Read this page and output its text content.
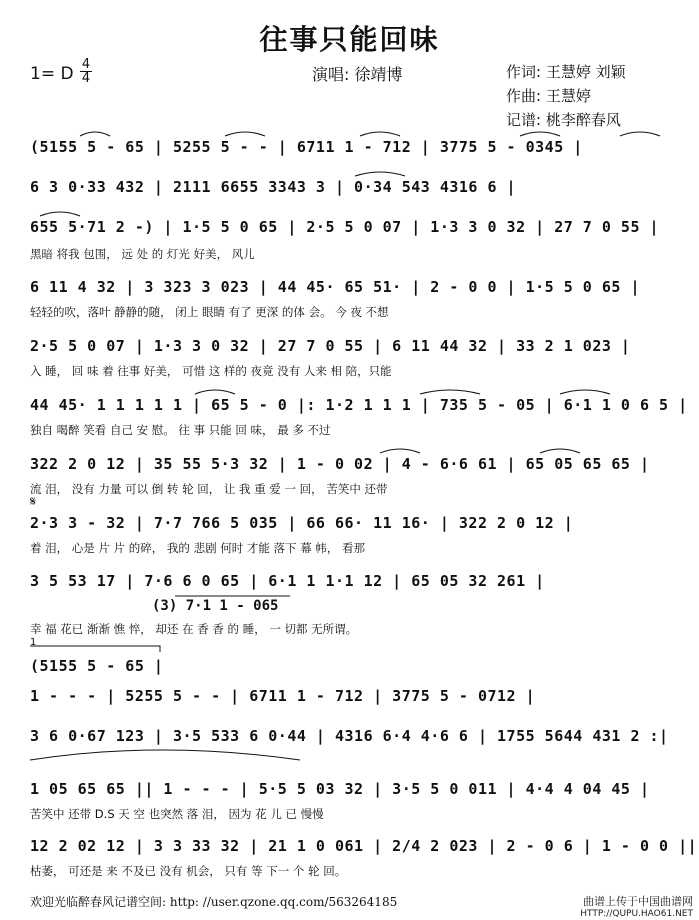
往事只能回味
1= D 4
4	演唱: 徐靖博	作词: 王慧婷 刘颖
作曲: 王慧婷
记谱: 桃李醉春风
(5155 5 - 65 | 5255 5 - - | 6711 1 - 712 | 3775 5 - 0345 |
6 3 0·33 432 | 2111 6655 3343 3 | 0·34 543 4316 6 |
655 5·71 2 -) | 1·5 5 0 65 | 2·5 5 0 07 | 1·3 3 0 32 | 27 7 0 55 |
黑暗 将我 包围， 远 处 的 灯光 好美， 风儿
6 11 4 32 | 3 323 3 023 | 44 45· 65 51· | 2 - 0 0 | 1·5 5 0 65 |
轻轻的吹，落叶 静静的随， 闭上 眼睛 有了 更深 的体 会。 今 夜 不想
2·5 5 0 07 | 1·3 3 0 32 | 27 7 0 55 | 6 11 44 32 | 33 2 1 023 |
入 睡， 回 味 着 往事 好美， 可惜 这 样的 夜竟 没有 人来 相 陪，只能
44 45· 1 1 1 1 1 | 65 5 - 0 |: 1·2 1 1 1 | 735 5 - 05 | 6·1 1 0 6 5 |
独自 喝醉 笑看 自己 安 慰。 往 事 只能 回 味， 最 多 不过
322 2 0 12 | 35 55 5·3 32 | 1 - 0 02 | 4 - 6·6 61 | 65 05 65 65 |
流 泪， 没有 力量 可以 倒 转 轮 回， 让 我 重 爱 一 回， 苦笑中 还带
𝄋
2·3 3 - 32 | 7·7 766 5 035 | 66 66· 11 16· | 322 2 0 12 |
着 泪， 心是 片 片 的碎， 我的 悲剧 何时 才能 落下 幕 帏， 看那
3 5 53 17 | 7·6 6 0 65 | 6·1 1 1·1 12 | 65 05 32 261 |
(3) 7·1 1 - 065
幸 福 花已 渐渐 憔 悴， 却还 在 香 香 的 睡， 一 切都 无所谓。
1
(5155 5 - 65 |
1 - - - | 5255 5 - - | 6711 1 - 712 | 3775 5 - 0712 |
3 6 0·67 123 | 3·5 533 6 0·44 | 4316 6·4 4·6 6 | 1755 5644 431 2 :|
1 05 65 65 || 1 - - - | 5·5 5 03 32 | 3·5 5 0 011 | 4·4 4 04 45 |
苦笑中 还带 D.S 天 空 也突然 落 泪， 因为 花 儿 已 慢慢
12 2 02 12 | 3 3 33 32 | 21 1 0 061 | 2/4 2 023 | 2 - 0 6 | 1 - 0 0 ||
枯萎， 可还是 来 不及已 没有 机会， 只有 等 下一 个 轮 回。
欢迎光临醉春风记谱空间: http: //user.qzone.qq.com/563264185	曲谱上传于中国曲谱网
HTTP://QUPU.HAO61.NET
